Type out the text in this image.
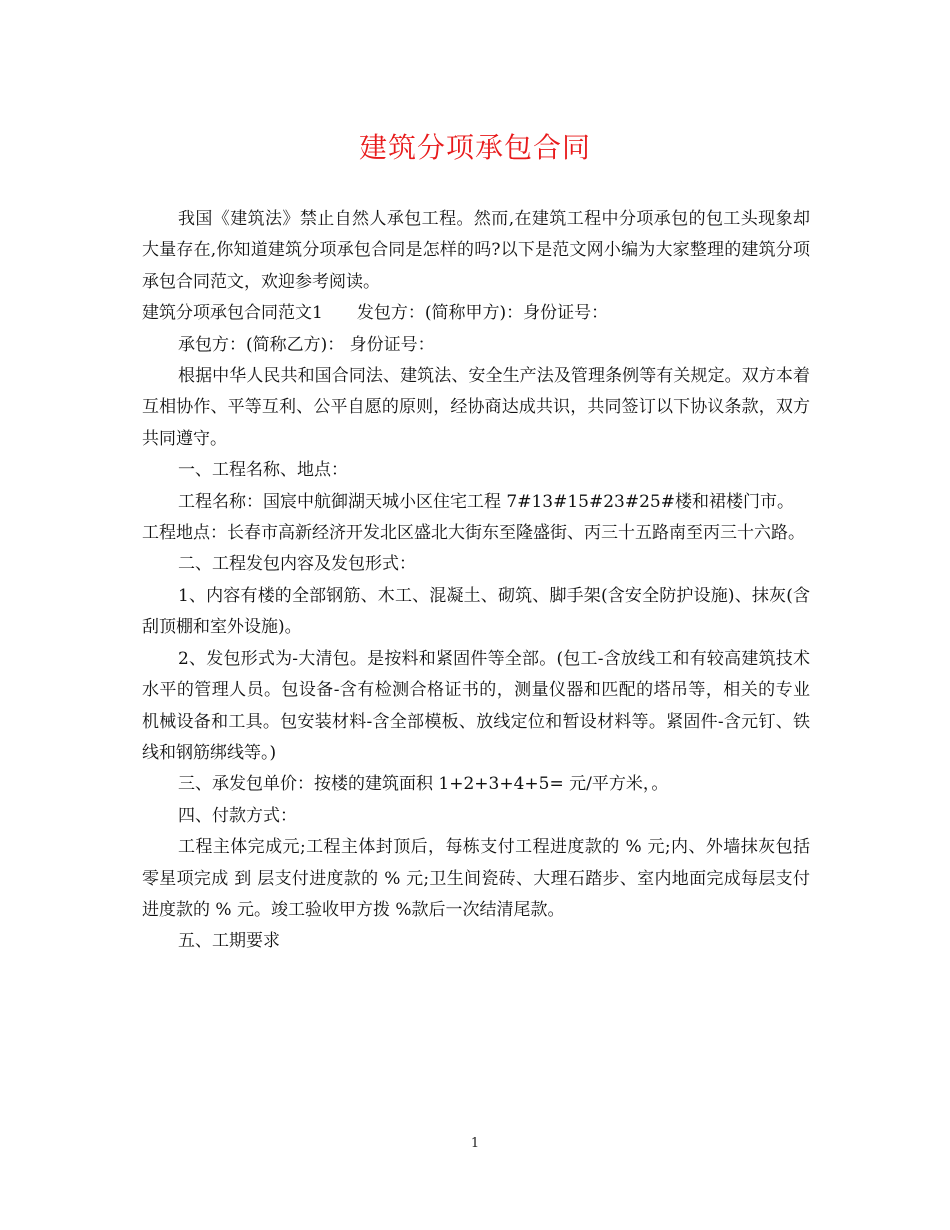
建筑分项承包合同

我国《建筑法》禁止自然人承包工程。然而,在建筑工程中分项承包的包工头现象却大量存在,你知道建筑分项承包合同是怎样的吗?以下是范文网小编为大家整理的建筑分项承包合同范文，欢迎参考阅读。

建筑分项承包合同范文1 发包方：(简称甲方)：身份证号：

承包方：(简称乙方)： 身份证号：

根据中华人民共和国合同法、建筑法、安全生产法及管理条例等有关规定。双方本着互相协作、平等互利、公平自愿的原则，经协商达成共识，共同签订以下协议条款，双方共同遵守。

一、工程名称、地点：

工程名称：国宸中航御湖天城小区住宅工程 7#13#15#23#25#楼和裙楼门市。

工程地点：长春市高新经济开发北区盛北大街东至隆盛街、丙三十五路南至丙三十六路。

二、工程发包内容及发包形式：

1、内容有楼的全部钢筋、木工、混凝土、砌筑、脚手架(含安全防护设施)、抹灰(含刮顶棚和室外设施)。

2、发包形式为-大清包。是按料和紧固件等全部。(包工-含放线工和有较高建筑技术水平的管理人员。包设备-含有检测合格证书的，测量仪器和匹配的塔吊等，相关的专业机械设备和工具。包安装材料-含全部模板、放线定位和暂设材料等。紧固件-含元钉、铁线和钢筋绑线等。)

三、承发包单价：按楼的建筑面积 1+2+3+4+5= 元/平方米，。

四、付款方式：

工程主体完成元;工程主体封顶后，每栋支付工程进度款的 % 元;内、外墙抹灰包括零星项完成 到 层支付进度款的 % 元;卫生间瓷砖、大理石踏步、室内地面完成每层支付进度款的 % 元。竣工验收甲方拨 %款后一次结清尾款。

五、工期要求

1
